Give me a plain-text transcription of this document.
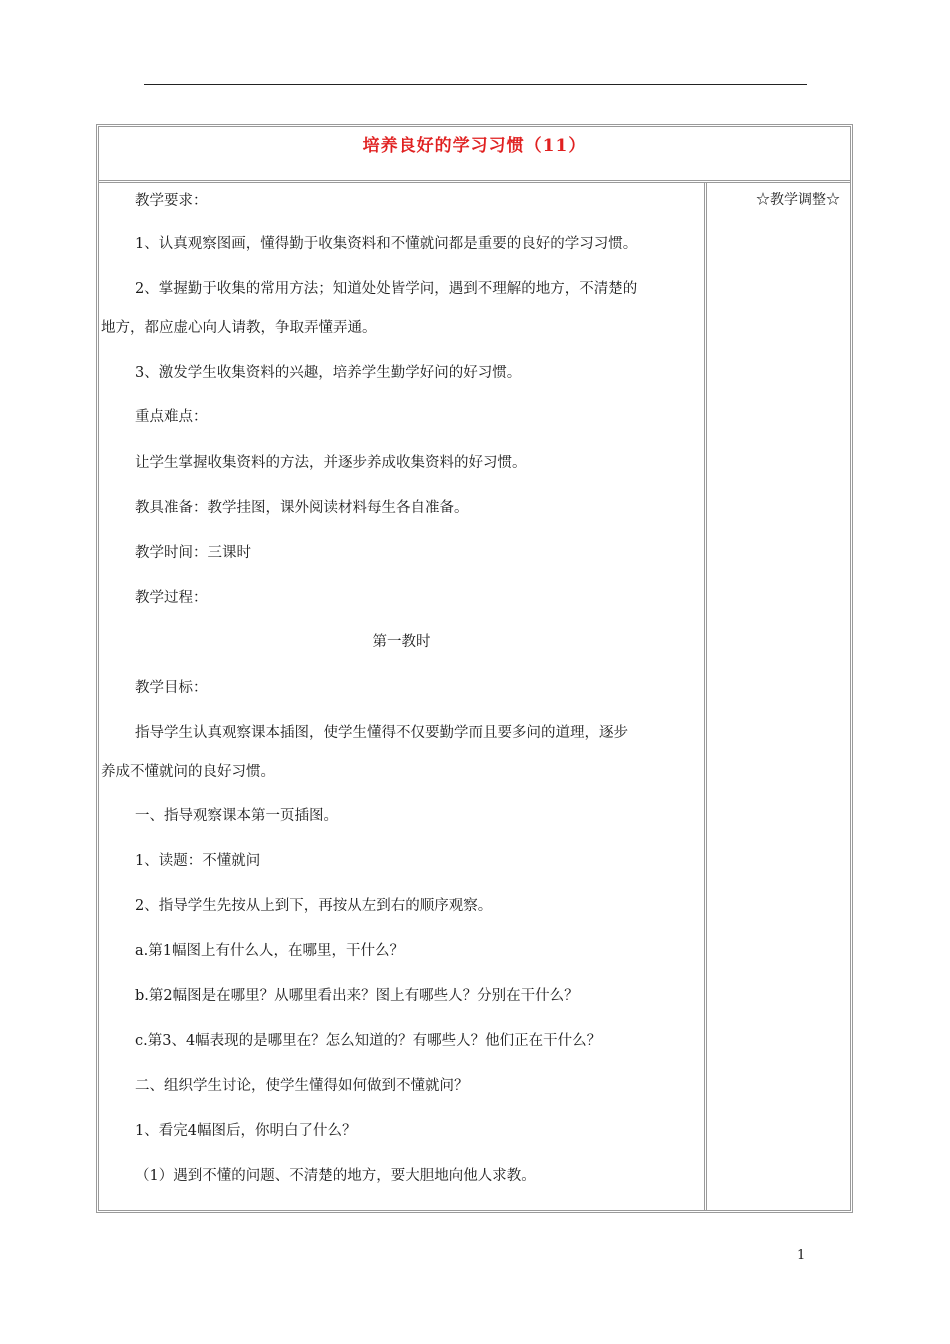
培养良好的学习习惯（11）
教学要求：
1、认真观察图画，懂得勤于收集资料和不懂就问都是重要的良好的学习习惯。
2、掌握勤于收集的常用方法；知道处处皆学问，遇到不理解的地方，不清楚的
地方，都应虚心向人请教，争取弄懂弄通。
3、激发学生收集资料的兴趣，培养学生勤学好问的好习惯。
重点难点：
让学生掌握收集资料的方法，并逐步养成收集资料的好习惯。
教具准备：教学挂图，课外阅读材料每生各自准备。
教学时间：三课时
教学过程：
第一教时
教学目标：
指导学生认真观察课本插图，使学生懂得不仅要勤学而且要多问的道理，逐步
养成不懂就问的良好习惯。
一、指导观察课本第一页插图。
1、读题：不懂就问
2、指导学生先按从上到下，再按从左到右的顺序观察。
a.第1幅图上有什么人，在哪里，干什么？
b.第2幅图是在哪里？从哪里看出来？图上有哪些人？分别在干什么？
c.第3、4幅表现的是哪里在？怎么知道的？有哪些人？他们正在干什么？
二、组织学生讨论，使学生懂得如何做到不懂就问？
1、看完4幅图后，你明白了什么？
（1）遇到不懂的问题、不清楚的地方，要大胆地向他人求教。
☆教学调整☆
1
